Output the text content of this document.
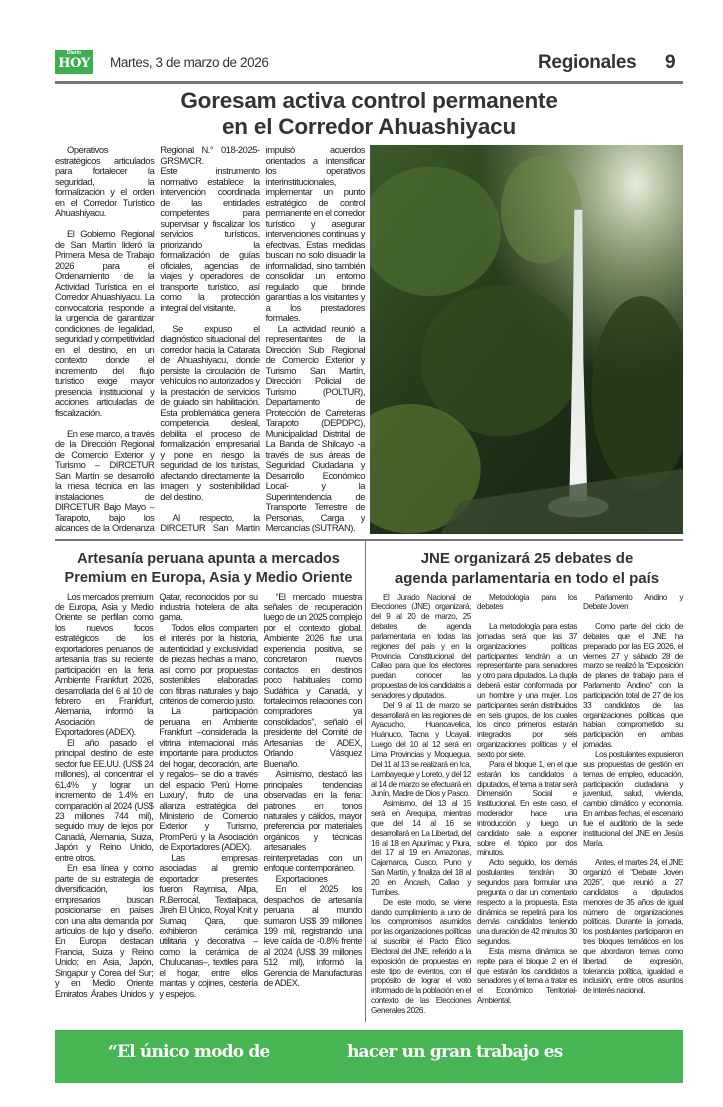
Diario
HOY Martes, 3 de marzo de 2026	Regionales 9
Goresam activa control permanente
en el Corredor Ahuashiyacu

Operativos estratégicos articulados para fortalecer la seguridad, la formalización y el orden en el Corredor Turístico Ahuashiyacu.

El Gobierno Regional de San Martín lideró la Primera Mesa de Trabajo 2026 para el Ordenamiento de la Actividad Turística en el Corredor Ahuashiyacu. La convocatoria responde a la urgencia de garantizar condiciones de legalidad, seguridad y competitividad en el destino, en un contexto donde el incremento del flujo turístico exige mayor presencia institucional y acciones articuladas de fiscalización.

En ese marco, a través de la Dirección Regional de Comercio Exterior y Turismo – DIRCETUR San Martín se desarrolló la mesa técnica en las instalaciones de DIRCETUR Bajo Mayo – Tarapoto, bajo los alcances de la Ordenanza Regional N.° 018-2025-GRSM/CR.

Este instrumento normativo establece la intervención coordinada de las entidades competentes para supervisar y fiscalizar los servicios turísticos, priorizando la formalización de guías oficiales, agencias de viajes y operadores de transporte turístico, así como la protección integral del visitante.

Se expuso el diagnóstico situacional del corredor hacia la Catarata de Ahuashiyacu, donde persiste la circulación de vehículos no autorizados y la prestación de servicios de guiado sin habilitación. Esta problemática genera competencia desleal, debilita el proceso de formalización empresarial y pone en riesgo la seguridad de los turistas, afectando directamente la imagen y sostenibilidad del destino.

Al respecto, la DIRCETUR San Martín impulsó acuerdos orientados a intensificar los operativos interinstitucionales, implementar un punto estratégico de control permanente en el corredor turístico y asegurar intervenciones continuas y efectivas. Estas medidas buscan no solo disuadir la informalidad, sino también consolidar un entorno regulado que brinde garantías a los visitantes y a los prestadores formales.

La actividad reunió a representantes de la Dirección Sub Regional de Comercio Exterior y Turismo San Martín, Dirección Policial de Turismo (POLTUR), Departamento de Protección de Carreteras Tarapoto (DEPDPC), Municipalidad Distrital de La Banda de Shilcayo -a través de sus áreas de Seguridad Ciudadana y Desarrollo Económico Local- y la Superintendencia de Transporte Terrestre de Personas, Carga y Mercancías (SUTRAN).

Artesanía peruana apunta a mercados
Premium en Europa, Asia y Medio Oriente

Los mercados premium de Europa, Asia y Medio Oriente se perfilan como los nuevos focos estratégicos de los exportadores peruanos de artesanía tras su reciente participación en la feria Ambiente Frankfurt 2026, desarrollada del 6 al 10 de febrero en Frankfurt, Alemania, informó la Asociación de Exportadores (ADEX).

El año pasado el principal destino de este sector fue EE.UU. (US$ 24 millones), al concentrar el 61.4% y lograr un incremento de 1.4% en comparación al 2024 (US$ 23 millones 744 mil), seguido muy de lejos por Canadá, Alemania, Suiza, Japón y Reino Unido, entre otros.

En esa línea y como parte de su estrategia de diversificación, los empresarios buscan posicionarse en países con una alta demanda por artículos de lujo y diseño. En Europa destacan Francia, Suiza y Reino Unido; en Asia, Japón, Singapur y Corea del Sur; y en Medio Oriente Emiratos Árabes Unidos y Qatar, reconocidos por su industria hotelera de alta gama.

Todos ellos comparten el interés por la historia, autenticidad y exclusividad de piezas hechas a mano, así como por propuestas sostenibles elaboradas con fibras naturales y bajo criterios de comercio justo.

La participación peruana en Ambiente Frankfurt –considerada la vitrina internacional más importante para productos del hogar, decoración, arte y regalos– se dio a través del espacio 'Perú Home Luxury', fruto de una alianza estratégica del Ministerio de Comercio Exterior y Turismo, PromPerú y la Asociación de Exportadores (ADEX).

Las empresas asociadas al gremio exportador presentes fueron Raymisa, Allpa, R.Berrocal, Textialpaca, Jireh El Único, Royal Knit y Sumaq Qara, que exhibieron cerámica utilitaria y decorativa –como la cerámica de Chulucanas–, textiles para el hogar, entre ellos mantas y cojines, cestería y espejos.

“El mercado muestra señales de recuperación luego de un 2025 complejo por el contexto global. Ambiente 2026 fue una experiencia positiva, se concretaron nuevos contactos en destinos poco habituales como Sudáfrica y Canadá, y fortalecimos relaciones con compradores ya consolidados”, señaló el presidente del Comité de Artesanías de ADEX, Orlando Vásquez Buenaño.

Asimismo, destacó las principales tendencias observadas en la feria: patrones en tonos naturales y cálidos, mayor preferencia por materiales orgánicos y técnicas artesanales reinterpretadas con un enfoque contemporáneo.

Exportaciones

En el 2025 los despachos de artesanía peruana al mundo sumaron US$ 39 millones 199 mil, registrando una leve caída de -0.8% frente al 2024 (US$ 39 millones 512 mil), informó la Gerencia de Manufacturas de ADEX.

JNE organizará 25 debates de
agenda parlamentaria en todo el país

El Jurado Nacional de Elecciones (JNE) organizará, del 9 al 20 de marzo, 25 debates de agenda parlamentaria en todas las regiones del país y en la Provincia Constitucional del Callao para que los electores puedan conocer las propuestas de los candidatos a senadores y diputados.

Del 9 al 11 de marzo se desarrollará en las regiones de Ayacucho, Huancavelica, Huánuco, Tacna y Ucayali. Luego del 10 al 12 será en Lima Provincias y Moquegua. Del 11 al 13 se realizará en Ica, Lambayeque y Loreto, y del 12 al 14 de marzo se efectuará en Junín, Madre de Dios y Pasco.

Asimismo, del 13 al 15 será en Arequipa, mientras que del 14 al 16 se desarrollará en La Libertad, del 16 al 18 en Apurímac y Piura, del 17 al 19 en Amazonas, Cajamarca, Cusco, Puno y San Martín, y finaliza del 18 al 20 en Áncash, Callao y Tumbes.

De este modo, se viene dando cumplimiento a uno de los compromisos asumidos por las organizaciones políticas al suscribir el Pacto Ético Electoral del JNE, referido a la exposición de propuestas en este tipo de eventos, con el propósito de lograr el voto informado de la población en el contexto de las Elecciones Generales 2026.

Metodología para los debates

La metodología para estas jornadas será que las 37 organizaciones políticas participantes tendrán a un representante para senadores y otro para diputados. La dupla deberá estar conformada por un hombre y una mujer. Los participantes serán distribuidos en seis grupos, de los cuales los cinco primeros estarán integrados por seis organizaciones políticas y el sexto por siete.

Para el bloque 1, en el que estarán los candidatos a diputados, el tema a tratar será Dimensión Social e Institucional. En este caso, el moderador hace una introducción y luego un candidato sale a exponer sobre el tópico por dos minutos.

Acto seguido, los demás postulantes tendrán 30 segundos para formular una pregunta o dar un comentario respecto a la propuesta. Esta dinámica se repetirá para los demás candidatos teniendo una duración de 42 minutos 30 segundos.

Esta misma dinámica se repite para el bloque 2 en el que estarán los candidatos a senadores y el tema a tratar es el Económico Territorial-Ambiental.

Parlamento Andino y Debate Joven

Como parte del ciclo de debates que el JNE ha preparado por las EG 2026, el viernes 27 y sábado 28 de marzo se realizó la “Exposición de planes de trabajo para el Parlamento Andino” con la participación total de 27 de los 33 candidatos de las organizaciones políticas que habían comprometido su participación en ambas jornadas.

Los postulantes expusieron sus propuestas de gestión en temas de empleo, educación, participación ciudadana y juventud, salud, vivienda, cambio climático y economía. En ambas fechas, el escenario fue el auditorio de la sede institucional del JNE en Jesús María.

Antes, el martes 24, el JNE organizó el “Debate Joven 2026”, que reunió a 27 candidatos a diputados menores de 35 años de igual número de organizaciones políticas. Durante la jornada, los postulantes participaron en tres bloques temáticos en los que abordaron temas como libertad de expresión, tolerancia política, igualdad e inclusión, entre otros asuntos de interés nacional.

“El único modo de	hacer un gran trabajo es
